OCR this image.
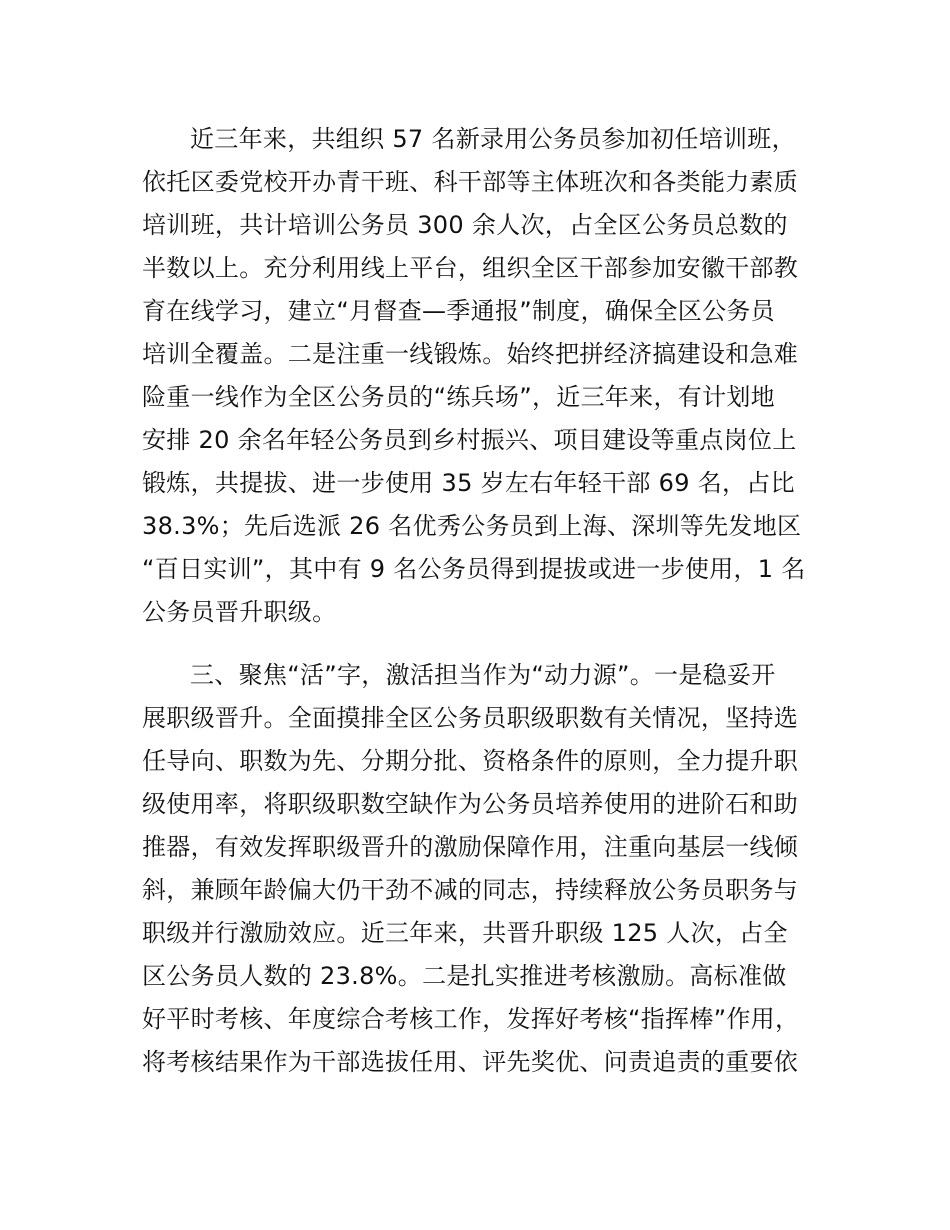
近三年来，共组织 57 名新录用公务员参加初任培训班，
依托区委党校开办青干班、科干部等主体班次和各类能力素质
培训班，共计培训公务员 300 余人次，占全区公务员总数的
半数以上。充分利用线上平台，组织全区干部参加安徽干部教
育在线学习，建立“月督查—季通报”制度，确保全区公务员
培训全覆盖。二是注重一线锻炼。始终把拼经济搞建设和急难
险重一线作为全区公务员的“练兵场”，近三年来，有计划地
安排 20 余名年轻公务员到乡村振兴、项目建设等重点岗位上
锻炼，共提拔、进一步使用 35 岁左右年轻干部 69 名，占比
38.3%；先后选派 26 名优秀公务员到上海、深圳等先发地区
“百日实训”，其中有 9 名公务员得到提拔或进一步使用，1 名
公务员晋升职级。
三、聚焦“活”字，激活担当作为“动力源”。一是稳妥开
展职级晋升。全面摸排全区公务员职级职数有关情况，坚持选
任导向、职数为先、分期分批、资格条件的原则，全力提升职
级使用率，将职级职数空缺作为公务员培养使用的进阶石和助
推器，有效发挥职级晋升的激励保障作用，注重向基层一线倾
斜，兼顾年龄偏大仍干劲不减的同志，持续释放公务员职务与
职级并行激励效应。近三年来，共晋升职级 125 人次，占全
区公务员人数的 23.8%。二是扎实推进考核激励。高标准做
好平时考核、年度综合考核工作，发挥好考核“指挥棒”作用，
将考核结果作为干部选拔任用、评先奖优、问责追责的重要依
